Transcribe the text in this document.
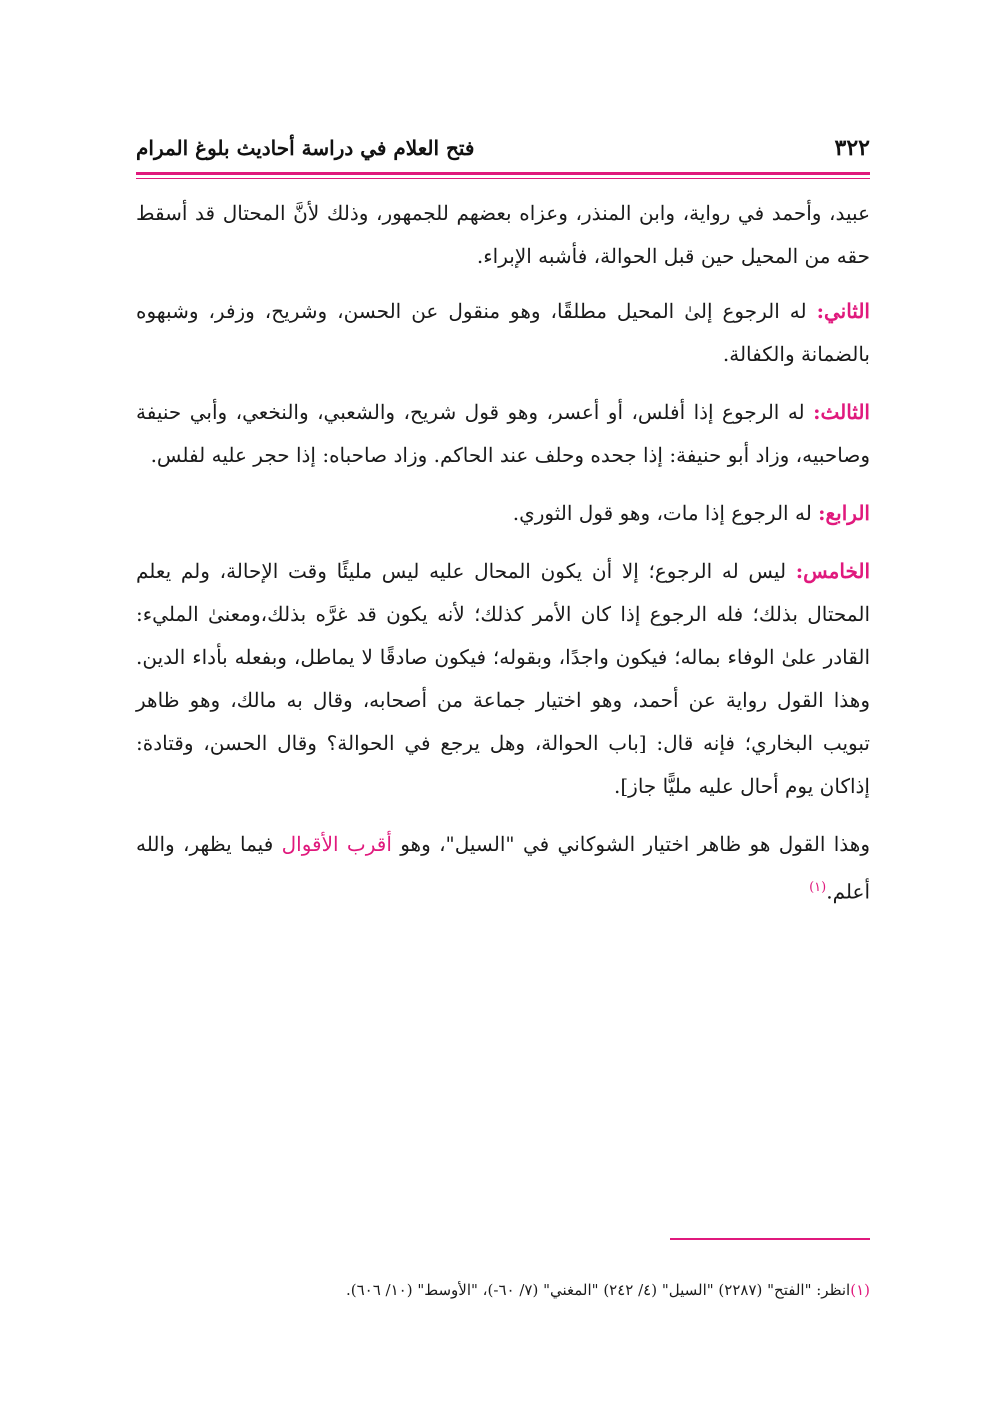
٣٢٢
فتح العلام في دراسة أحاديث بلوغ المرام

عبيد، وأحمد في رواية، وابن المنذر، وعزاه بعضهم للجمهور، وذلك لأنَّ المحتال قد أسقط حقه من المحيل حين قبل الحوالة، فأشبه الإبراء.

الثاني: له الرجوع إلىٰ المحيل مطلقًا، وهو منقول عن الحسن، وشريح، وزفر، وشبهوه بالضمانة والكفالة.

الثالث: له الرجوع إذا أفلس، أو أعسر، وهو قول شريح، والشعبي، والنخعي، وأبي حنيفة وصاحبيه، وزاد أبو حنيفة: إذا جحده وحلف عند الحاكم. وزاد صاحباه: إذا حجر عليه لفلس.

الرابع: له الرجوع إذا مات، وهو قول الثوري.

الخامس: ليس له الرجوع؛ إلا أن يكون المحال عليه ليس مليئًا وقت الإحالة، ولم يعلم المحتال بذلك؛ فله الرجوع إذا كان الأمر كذلك؛ لأنه يكون قد غرَّه بذلك،ومعنىٰ المليء: القادر علىٰ الوفاء بماله؛ فيكون واجدًا، وبقوله؛ فيكون صادقًا لا يماطل، وبفعله بأداء الدين. وهذا القول رواية عن أحمد، وهو اختيار جماعة من أصحابه، وقال به مالك، وهو ظاهر تبويب البخاري؛ فإنه قال: [باب الحوالة، وهل يرجع في الحوالة؟ وقال الحسن، وقتادة: إذاكان يوم أحال عليه مليًّا جاز].

وهذا القول هو ظاهر اختيار الشوكاني في "السيل"، وهو أقرب الأقوال فيما يظهر، والله أعلم.$^{(١)}$

(١)انظر: "الفتح" (٢٢٨٧) "السيل" (٤/ ٢٤٢) "المغني" (٧/ ٦٠-)، "الأوسط" (١٠/ ٦٠٦).
